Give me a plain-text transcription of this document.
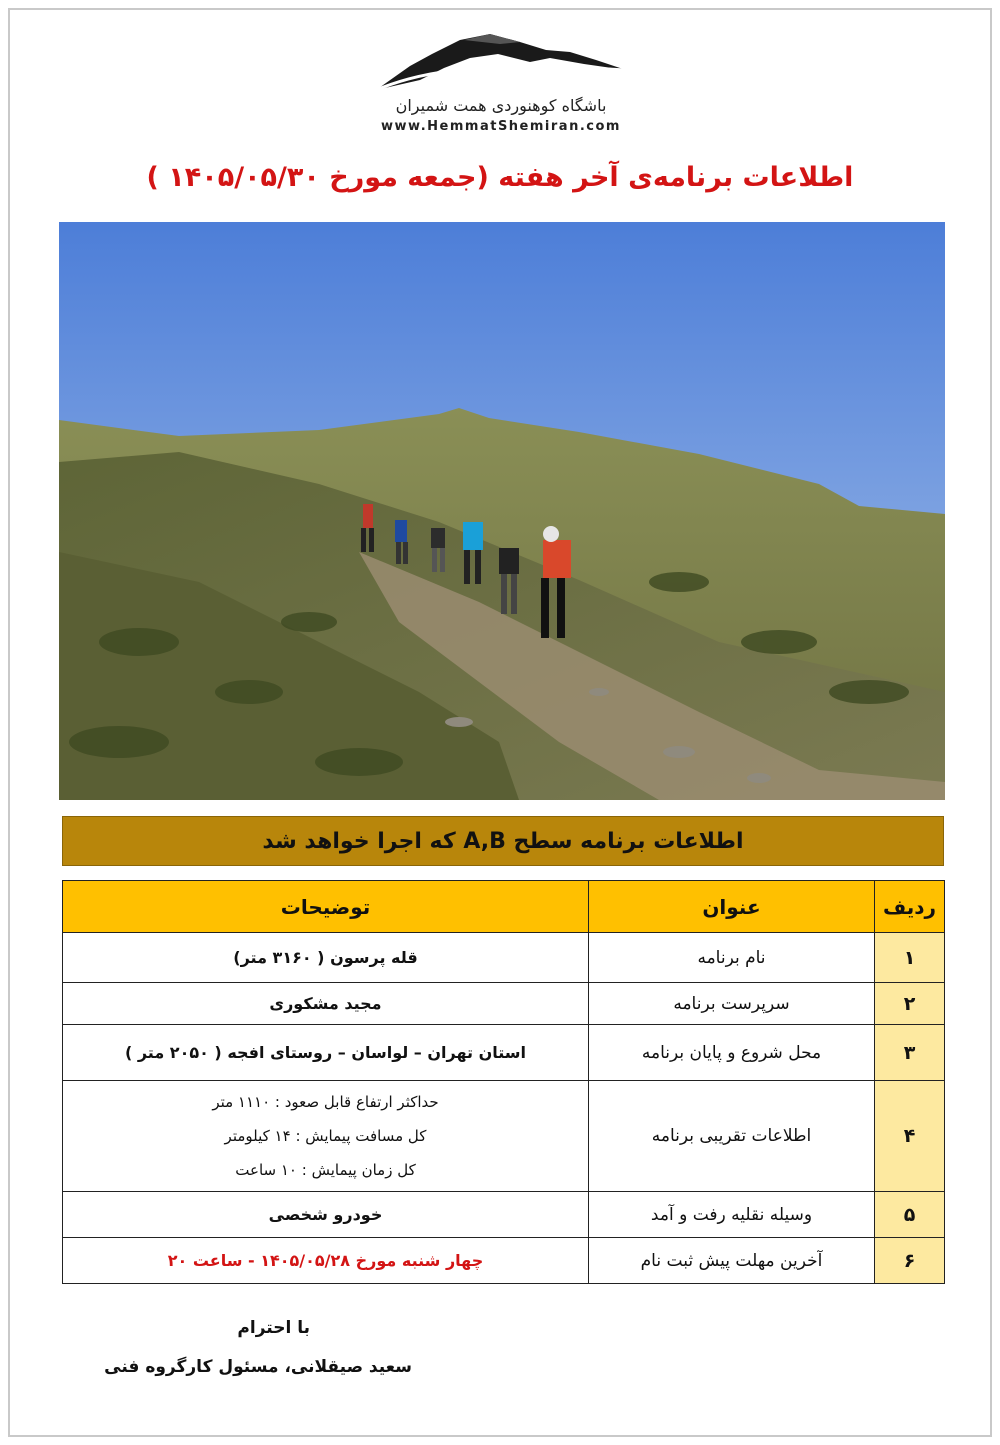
باشگاه کوهنوردی همت شمیران
www.HemmatShemiran.com
اطلاعات برنامه‌ی آخر هفته (جمعه مورخ ۱۴۰۵/۰۵/۳۰ )
اطلاعات برنامه سطح A,B که اجرا خواهد شد
ردیف	عنوان	توضیحات
۱	نام برنامه	قله پرسون ( ۳۱۶۰ متر)
۲	سرپرست برنامه	مجید مشکوری
۳	محل شروع و پایان برنامه	استان تهران – لواسان – روستای افجه ( ۲۰۵۰ متر )
۴	اطلاعات تقریبی برنامه	حداکثر ارتفاع قابل صعود : ۱۱۱۰ متر
کل مسافت پیمایش : ۱۴ کیلومتر
کل زمان پیمایش : ۱۰ ساعت

۵	وسیله نقلیه رفت و آمد	خودرو شخصی
۶	آخرین مهلت پیش ثبت نام	چهار شنبه مورخ ۱۴۰۵/۰۵/۲۸ - ساعت ۲۰
با احترام
سعید صیقلانی، مسئول کارگروه فنی
